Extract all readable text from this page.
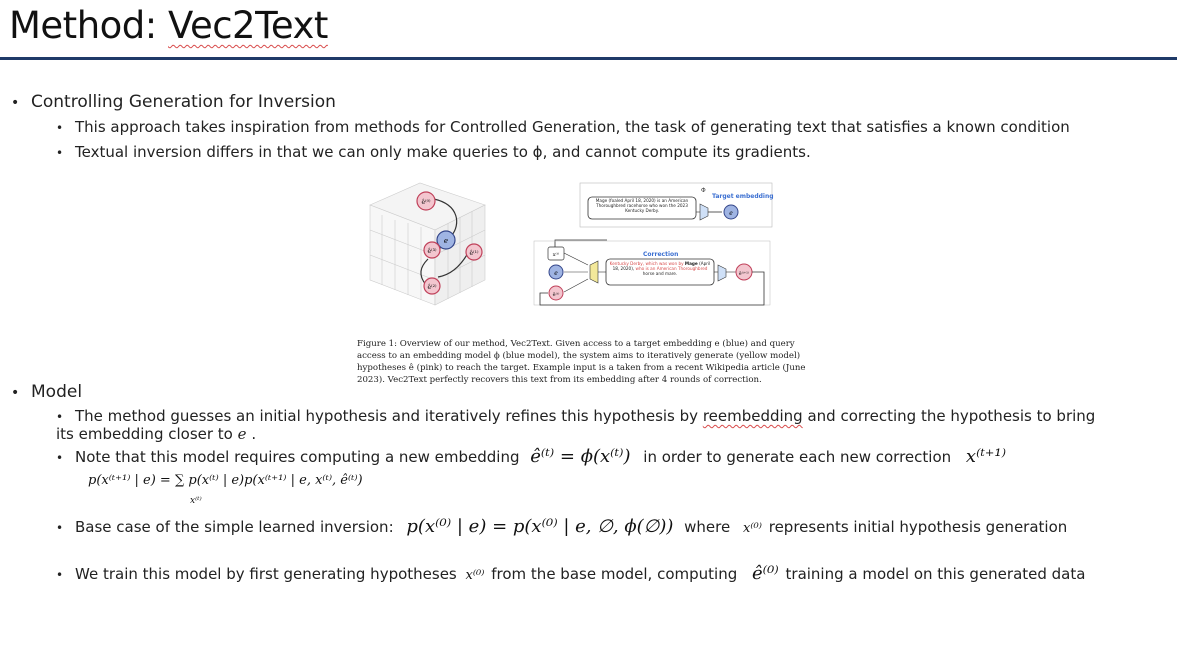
Method: Vec2Text
• Controlling Generation for Inversion
• This approach takes inspiration from methods for Controlled Generation, the task of generating text that satisfies a known condition
• Textual inversion differs in that we can only make queries to ϕ, and cannot compute its gradients.
ê⁽⁰⁾
e
ê⁽³⁾	ê⁽¹⁾
ê⁽²⁾
Φ
Target embedding
Mage (foaled April 18, 2020) is an American Thoroughbred racehorse who won the 2023 Kentucky Derby.	e
Correction
x⁽ᵗ⁾
e
ê⁽ᵗ⁾
Kentucky Derby, which was won by Mage (April 18, 2020), who is an American Thoroughbred horse and mare.	ê⁽ᵗ⁺¹⁾
Figure 1: Overview of our method, Vec2Text. Given access to a target embedding e (blue) and query access to an embedding model ϕ (blue model), the system aims to iteratively generate (yellow model) hypotheses ê (pink) to reach the target. Example input is a taken from a recent Wikipedia article (June 2023). Vec2Text perfectly recovers this text from its embedding after 4 rounds of correction.
• Model
• The method guesses an initial hypothesis and iteratively refines this hypothesis by reembedding and correcting the hypothesis to bring its embedding closer to e .
• Note that this model requires computing a new embedding ê⁽ᵗ⁾ = ϕ(x⁽ᵗ⁾) in order to generate each new correction x⁽ᵗ⁺¹⁾
p(x⁽ᵗ⁺¹⁾ | e) = ∑ p(x⁽ᵗ⁾ | e)p(x⁽ᵗ⁺¹⁾ | e, x⁽ᵗ⁾, ê⁽ᵗ⁾)
x⁽ᵗ⁾
• Base case of the simple learned inversion: p(x⁽⁰⁾ | e) = p(x⁽⁰⁾ | e, ∅, ϕ(∅)) where x⁽⁰⁾ represents initial hypothesis generation
• We train this model by first generating hypotheses x⁽⁰⁾ from the base model, computing ê⁽⁰⁾ training a model on this generated data
